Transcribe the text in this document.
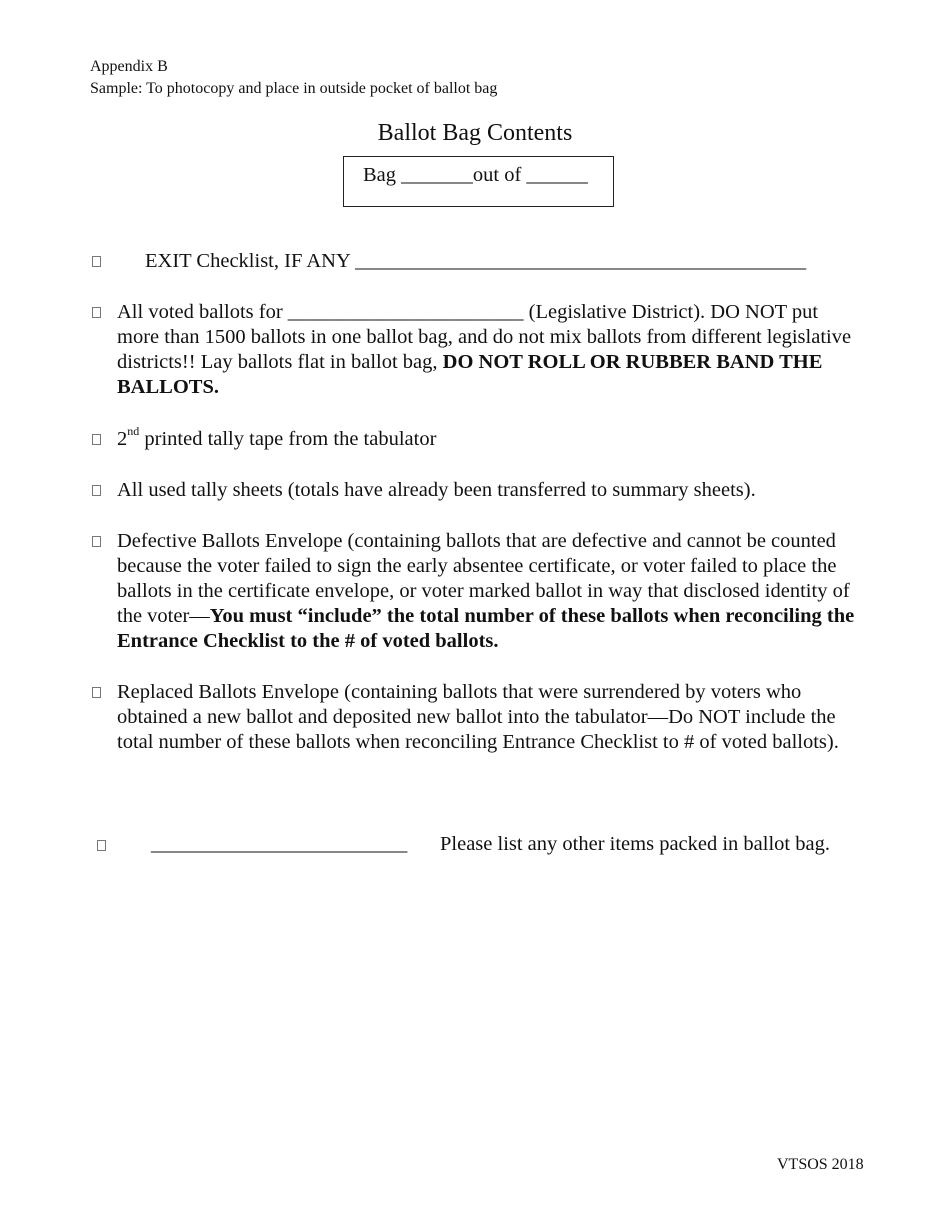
Appendix B
Sample: To photocopy and place in outside pocket of ballot bag
Ballot Bag Contents
Bag _______out of ______
EXIT Checklist, IF ANY ____________________________________________
All voted ballots for _______________________ (Legislative District). DO NOT put more than 1500 ballots in one ballot bag, and do not mix ballots from different legislative districts!! Lay ballots flat in ballot bag, DO NOT ROLL OR RUBBER BAND THE BALLOTS.
2nd printed tally tape from the tabulator
All used tally sheets (totals have already been transferred to summary sheets).
Defective Ballots Envelope (containing ballots that are defective and cannot be counted because the voter failed to sign the early absentee certificate, or voter failed to place the ballots in the certificate envelope, or voter marked ballot in way that disclosed identity of the voter—You must “include” the total number of these ballots when reconciling the Entrance Checklist to the # of voted ballots.
Replaced Ballots Envelope (containing ballots that were surrendered by voters who obtained a new ballot and deposited new ballot into the tabulator—Do NOT include the total number of these ballots when reconciling Entrance Checklist to # of voted ballots).
_________________________ Please list any other items packed in ballot bag.
VTSOS 2018
